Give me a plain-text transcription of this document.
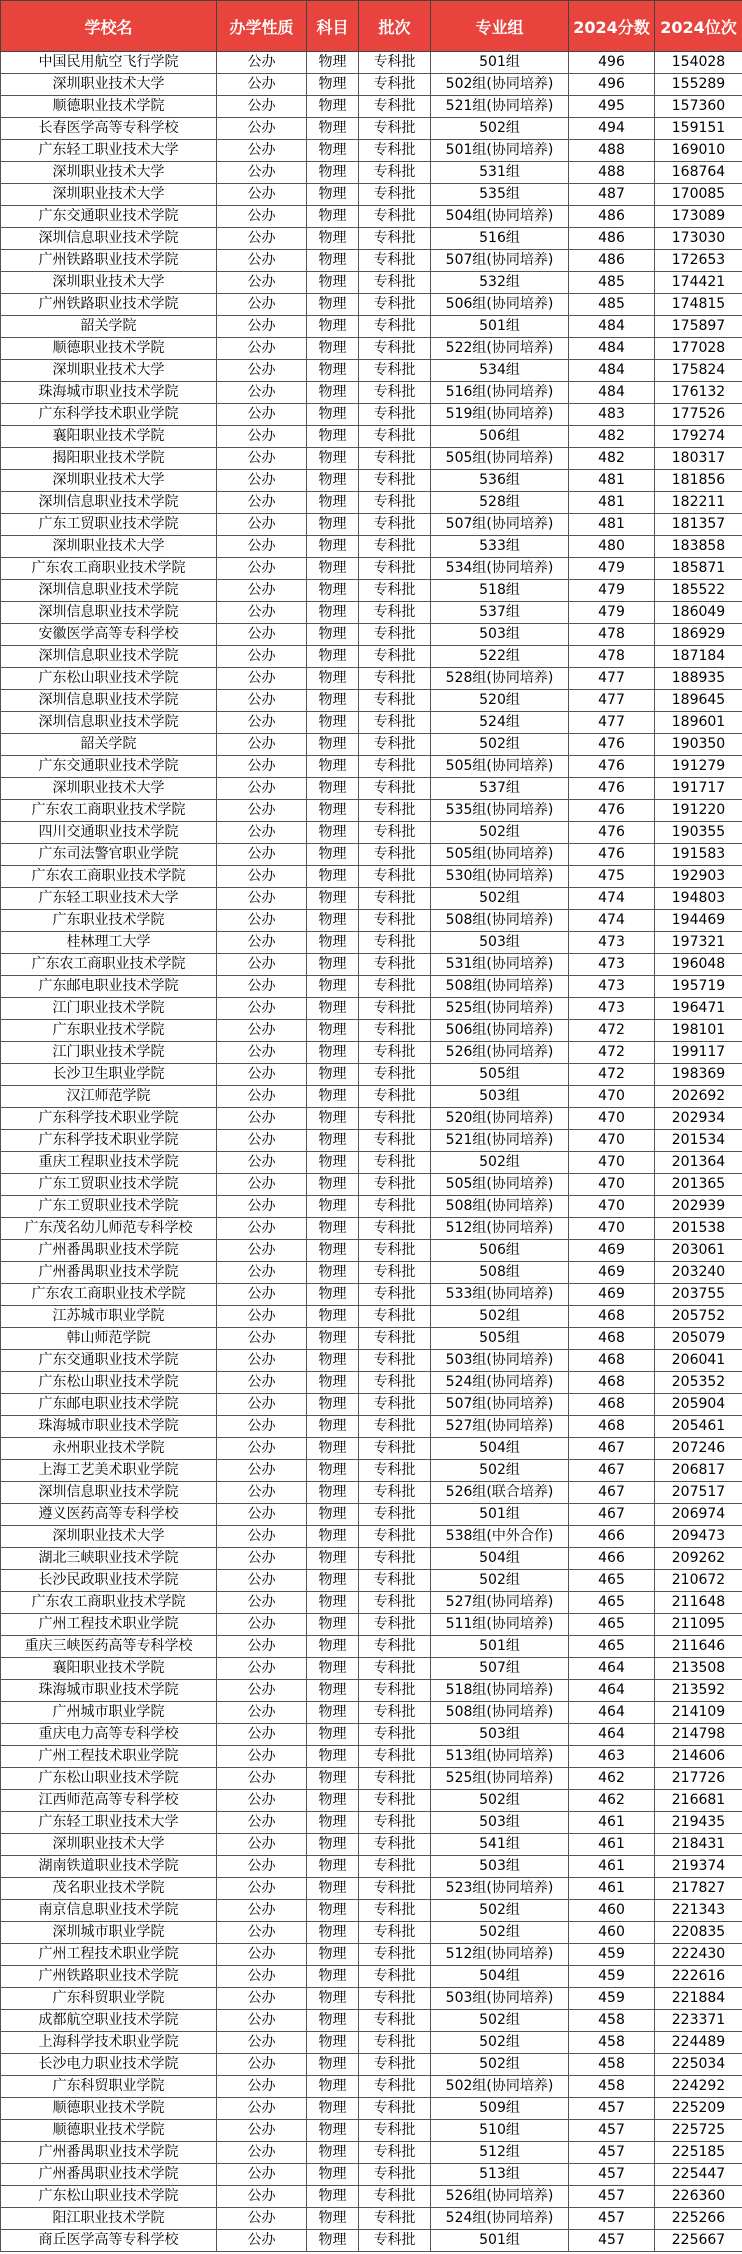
学校名	办学性质	科目	批次	专业组	2024分数	2024位次
中国民用航空飞行学院	公办	物理	专科批	501组	496	154028
深圳职业技术大学	公办	物理	专科批	502组(协同培养)	496	155289
顺德职业技术学院	公办	物理	专科批	521组(协同培养)	495	157360
长春医学高等专科学校	公办	物理	专科批	502组	494	159151
广东轻工职业技术大学	公办	物理	专科批	501组(协同培养)	488	169010
深圳职业技术大学	公办	物理	专科批	531组	488	168764
深圳职业技术大学	公办	物理	专科批	535组	487	170085
广东交通职业技术学院	公办	物理	专科批	504组(协同培养)	486	173089
深圳信息职业技术学院	公办	物理	专科批	516组	486	173030
广州铁路职业技术学院	公办	物理	专科批	507组(协同培养)	486	172653
深圳职业技术大学	公办	物理	专科批	532组	485	174421
广州铁路职业技术学院	公办	物理	专科批	506组(协同培养)	485	174815
韶关学院	公办	物理	专科批	501组	484	175897
顺德职业技术学院	公办	物理	专科批	522组(协同培养)	484	177028
深圳职业技术大学	公办	物理	专科批	534组	484	175824
珠海城市职业技术学院	公办	物理	专科批	516组(协同培养)	484	176132
广东科学技术职业学院	公办	物理	专科批	519组(协同培养)	483	177526
襄阳职业技术学院	公办	物理	专科批	506组	482	179274
揭阳职业技术学院	公办	物理	专科批	505组(协同培养)	482	180317
深圳职业技术大学	公办	物理	专科批	536组	481	181856
深圳信息职业技术学院	公办	物理	专科批	528组	481	182211
广东工贸职业技术学院	公办	物理	专科批	507组(协同培养)	481	181357
深圳职业技术大学	公办	物理	专科批	533组	480	183858
广东农工商职业技术学院	公办	物理	专科批	534组(协同培养)	479	185871
深圳信息职业技术学院	公办	物理	专科批	518组	479	185522
深圳信息职业技术学院	公办	物理	专科批	537组	479	186049
安徽医学高等专科学校	公办	物理	专科批	503组	478	186929
深圳信息职业技术学院	公办	物理	专科批	522组	478	187184
广东松山职业技术学院	公办	物理	专科批	528组(协同培养)	477	188935
深圳信息职业技术学院	公办	物理	专科批	520组	477	189645
深圳信息职业技术学院	公办	物理	专科批	524组	477	189601
韶关学院	公办	物理	专科批	502组	476	190350
广东交通职业技术学院	公办	物理	专科批	505组(协同培养)	476	191279
深圳职业技术大学	公办	物理	专科批	537组	476	191717
广东农工商职业技术学院	公办	物理	专科批	535组(协同培养)	476	191220
四川交通职业技术学院	公办	物理	专科批	502组	476	190355
广东司法警官职业学院	公办	物理	专科批	505组(协同培养)	476	191583
广东农工商职业技术学院	公办	物理	专科批	530组(协同培养)	475	192903
广东轻工职业技术大学	公办	物理	专科批	502组	474	194803
广东职业技术学院	公办	物理	专科批	508组(协同培养)	474	194469
桂林理工大学	公办	物理	专科批	503组	473	197321
广东农工商职业技术学院	公办	物理	专科批	531组(协同培养)	473	196048
广东邮电职业技术学院	公办	物理	专科批	508组(协同培养)	473	195719
江门职业技术学院	公办	物理	专科批	525组(协同培养)	473	196471
广东职业技术学院	公办	物理	专科批	506组(协同培养)	472	198101
江门职业技术学院	公办	物理	专科批	526组(协同培养)	472	199117
长沙卫生职业学院	公办	物理	专科批	505组	472	198369
汉江师范学院	公办	物理	专科批	503组	470	202692
广东科学技术职业学院	公办	物理	专科批	520组(协同培养)	470	202934
广东科学技术职业学院	公办	物理	专科批	521组(协同培养)	470	201534
重庆工程职业技术学院	公办	物理	专科批	502组	470	201364
广东工贸职业技术学院	公办	物理	专科批	505组(协同培养)	470	201365
广东工贸职业技术学院	公办	物理	专科批	508组(协同培养)	470	202939
广东茂名幼儿师范专科学校	公办	物理	专科批	512组(协同培养)	470	201538
广州番禺职业技术学院	公办	物理	专科批	506组	469	203061
广州番禺职业技术学院	公办	物理	专科批	508组	469	203240
广东农工商职业技术学院	公办	物理	专科批	533组(协同培养)	469	203755
江苏城市职业学院	公办	物理	专科批	502组	468	205752
韩山师范学院	公办	物理	专科批	505组	468	205079
广东交通职业技术学院	公办	物理	专科批	503组(协同培养)	468	206041
广东松山职业技术学院	公办	物理	专科批	524组(协同培养)	468	205352
广东邮电职业技术学院	公办	物理	专科批	507组(协同培养)	468	205904
珠海城市职业技术学院	公办	物理	专科批	527组(协同培养)	468	205461
永州职业技术学院	公办	物理	专科批	504组	467	207246
上海工艺美术职业学院	公办	物理	专科批	502组	467	206817
深圳信息职业技术学院	公办	物理	专科批	526组(联合培养)	467	207517
遵义医药高等专科学校	公办	物理	专科批	501组	467	206974
深圳职业技术大学	公办	物理	专科批	538组(中外合作)	466	209473
湖北三峡职业技术学院	公办	物理	专科批	504组	466	209262
长沙民政职业技术学院	公办	物理	专科批	502组	465	210672
广东农工商职业技术学院	公办	物理	专科批	527组(协同培养)	465	211648
广州工程技术职业学院	公办	物理	专科批	511组(协同培养)	465	211095
重庆三峡医药高等专科学校	公办	物理	专科批	501组	465	211646
襄阳职业技术学院	公办	物理	专科批	507组	464	213508
珠海城市职业技术学院	公办	物理	专科批	518组(协同培养)	464	213592
广州城市职业学院	公办	物理	专科批	508组(协同培养)	464	214109
重庆电力高等专科学校	公办	物理	专科批	503组	464	214798
广州工程技术职业学院	公办	物理	专科批	513组(协同培养)	463	214606
广东松山职业技术学院	公办	物理	专科批	525组(协同培养)	462	217726
江西师范高等专科学校	公办	物理	专科批	502组	462	216681
广东轻工职业技术大学	公办	物理	专科批	503组	461	219435
深圳职业技术大学	公办	物理	专科批	541组	461	218431
湖南铁道职业技术学院	公办	物理	专科批	503组	461	219374
茂名职业技术学院	公办	物理	专科批	523组(协同培养)	461	217827
南京信息职业技术学院	公办	物理	专科批	502组	460	221343
深圳城市职业学院	公办	物理	专科批	502组	460	220835
广州工程技术职业学院	公办	物理	专科批	512组(协同培养)	459	222430
广州铁路职业技术学院	公办	物理	专科批	504组	459	222616
广东科贸职业学院	公办	物理	专科批	503组(协同培养)	459	221884
成都航空职业技术学院	公办	物理	专科批	502组	458	223371
上海科学技术职业学院	公办	物理	专科批	502组	458	224489
长沙电力职业技术学院	公办	物理	专科批	502组	458	225034
广东科贸职业学院	公办	物理	专科批	502组(协同培养)	458	224292
顺德职业技术学院	公办	物理	专科批	509组	457	225209
顺德职业技术学院	公办	物理	专科批	510组	457	225725
广州番禺职业技术学院	公办	物理	专科批	512组	457	225185
广州番禺职业技术学院	公办	物理	专科批	513组	457	225447
广东松山职业技术学院	公办	物理	专科批	526组(协同培养)	457	226360
阳江职业技术学院	公办	物理	专科批	524组(协同培养)	457	225266
商丘医学高等专科学校	公办	物理	专科批	501组	457	225667
